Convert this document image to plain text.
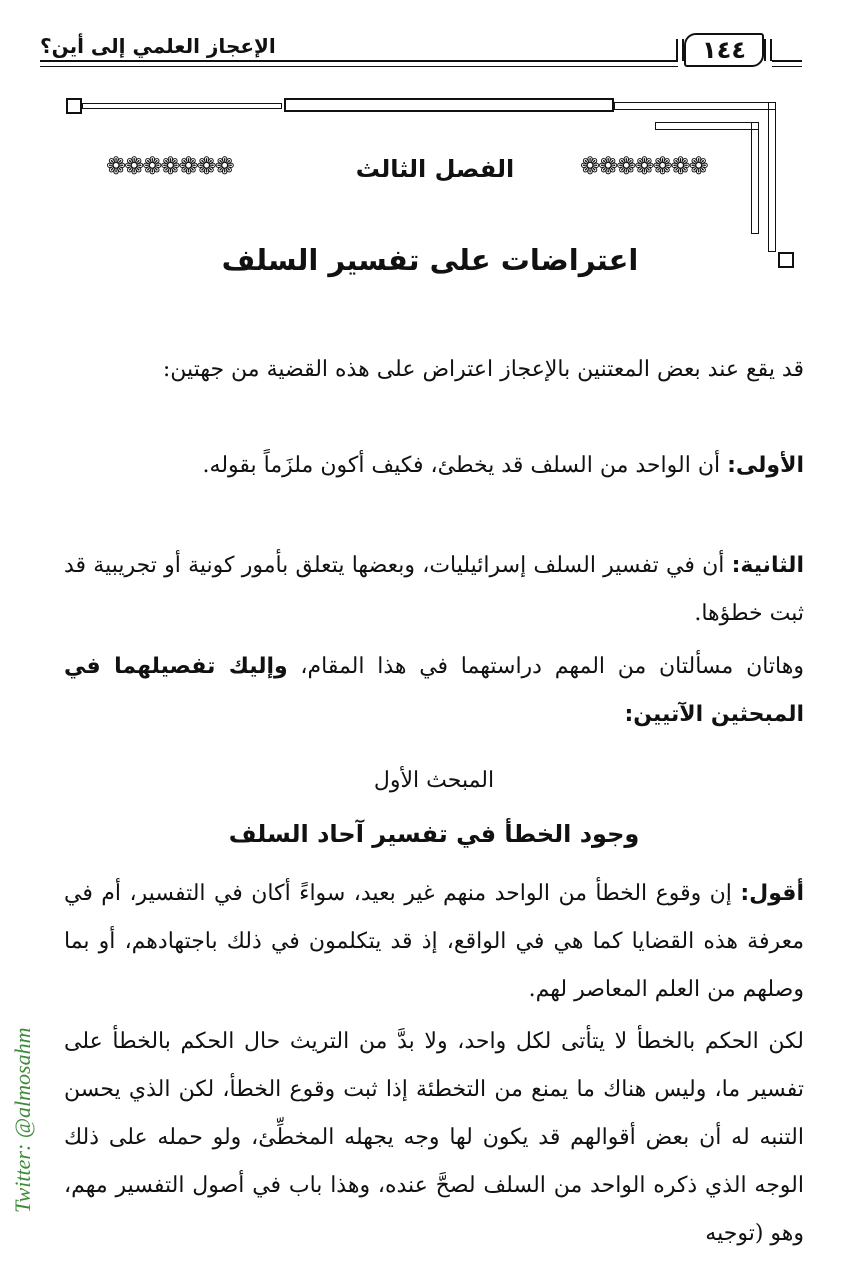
الإعجاز العلمي إلى أين؟	١٤٤
❁❁❁❁❁❁❁	❁❁❁❁❁❁❁
الفصل الثالث
اعتراضات على تفسير السلف
قد يقع عند بعض المعتنين بالإعجاز اعتراض على هذه القضية من جهتين:
الأولى: أن الواحد من السلف قد يخطئ، فكيف أكون ملزَماً بقوله.
الثانية: أن في تفسير السلف إسرائيليات، وبعضها يتعلق بأمور كونية أو تجريبية قد ثبت خطؤها.
وهاتان مسألتان من المهم دراستهما في هذا المقام، وإليك تفصيلهما في المبحثين الآتيين:
المبحث الأول
وجود الخطأ في تفسير آحاد السلف
أقول: إن وقوع الخطأ من الواحد منهم غير بعيد، سواءً أكان في التفسير، أم في معرفة هذه القضايا كما هي في الواقع، إذ قد يتكلمون في ذلك باجتهادهم، أو بما وصلهم من العلم المعاصر لهم.
لكن الحكم بالخطأ لا يتأتى لكل واحد، ولا بدَّ من التريث حال الحكم بالخطأ على تفسير ما، وليس هناك ما يمنع من التخطئة إذا ثبت وقوع الخطأ، لكن الذي يحسن التنبه له أن بعض أقوالهم قد يكون لها وجه يجهله المخطِّئ، ولو حمله على ذلك الوجه الذي ذكره الواحد من السلف لصحَّ عنده، وهذا باب في أصول التفسير مهم، وهو (توجيه
Twitter: @almosahm
